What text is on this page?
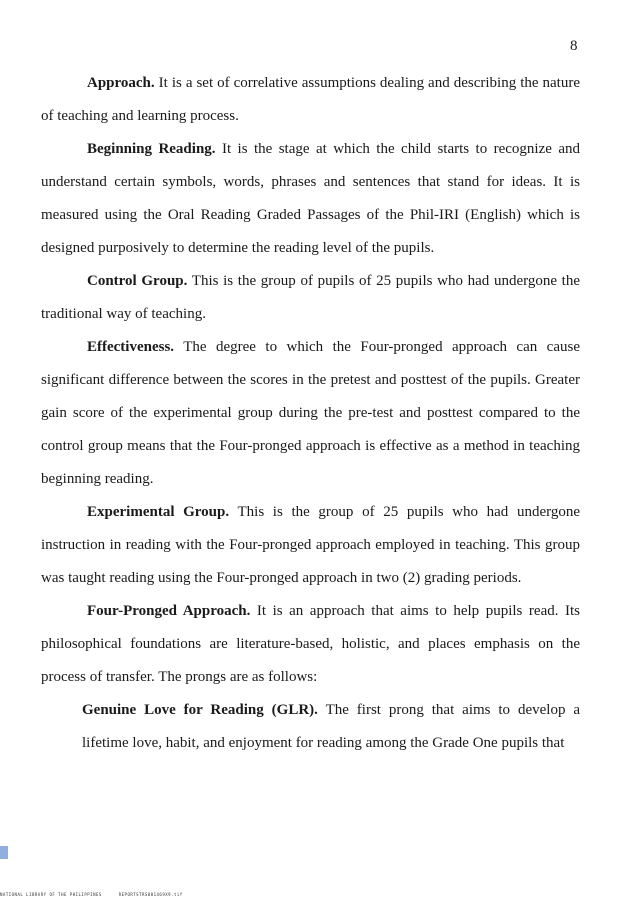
8

Approach. It is a set of correlative assumptions dealing and describing the nature of teaching and learning process.

Beginning Reading. It is the stage at which the child starts to recognize and understand certain symbols, words, phrases and sentences that stand for ideas. It is measured using the Oral Reading Graded Passages of the Phil-IRI (English) which is designed purposively to determine the reading level of the pupils.

Control Group. This is the group of pupils of 25 pupils who had undergone the traditional way of teaching.

Effectiveness. The degree to which the Four-pronged approach can cause significant difference between the scores in the pretest and posttest of the pupils. Greater gain score of the experimental group during the pre-test and posttest compared to the control group means that the Four-pronged approach is effective as a method in teaching beginning reading.

Experimental Group. This is the group of 25 pupils who had undergone instruction in reading with the Four-pronged approach employed in teaching. This group was taught reading using the Four-pronged approach in two (2) grading periods.

Four-Pronged Approach. It is an approach that aims to help pupils read. Its philosophical foundations are literature-based, holistic, and places emphasis on the process of transfer. The prongs are as follows:

Genuine Love for Reading (GLR). The first prong that aims to develop a lifetime love, habit, and enjoyment for reading among the Grade One pupils that

NATIONAL LIBRARY OF THE PHILIPPINES	REPORTSTRS001469X9.tif
